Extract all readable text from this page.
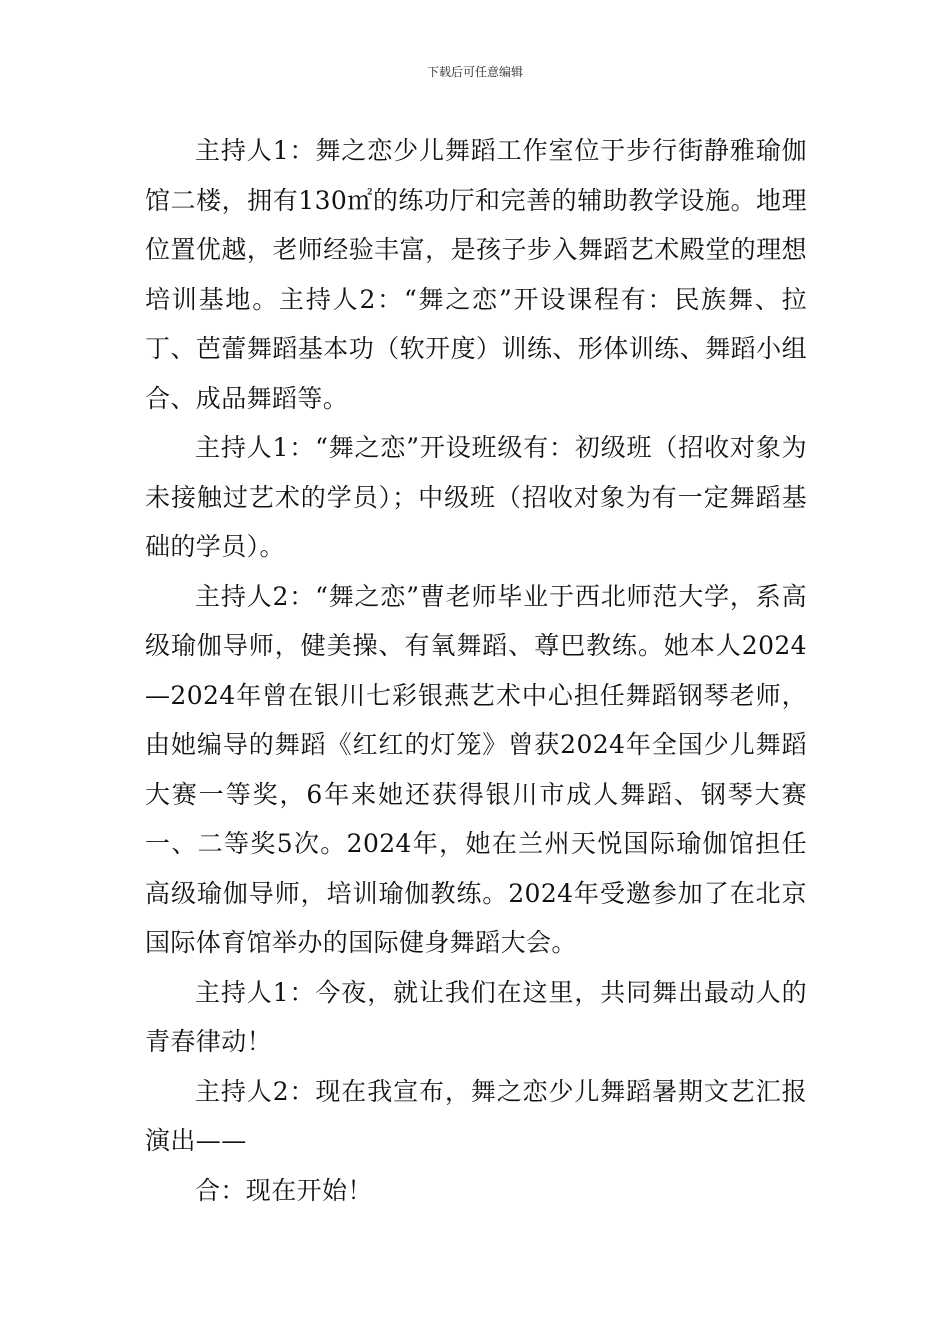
下载后可任意编辑

主持人1：舞之恋少儿舞蹈工作室位于步行街静雅瑜伽馆二楼，拥有130㎡的练功厅和完善的辅助教学设施。地理位置优越，老师经验丰富，是孩子步入舞蹈艺术殿堂的理想培训基地。主持人2：“舞之恋”开设课程有：民族舞、拉丁、芭蕾舞蹈基本功（软开度）训练、形体训练、舞蹈小组合、成品舞蹈等。

主持人1：“舞之恋”开设班级有：初级班（招收对象为未接触过艺术的学员）；中级班（招收对象为有一定舞蹈基础的学员）。

主持人2：“舞之恋”曹老师毕业于西北师范大学，系高级瑜伽导师，健美操、有氧舞蹈、尊巴教练。她本人2024—2024年曾在银川七彩银燕艺术中心担任舞蹈钢琴老师，由她编导的舞蹈《红红的灯笼》曾获2024年全国少儿舞蹈大赛一等奖，6年来她还获得银川市成人舞蹈、钢琴大赛一、二等奖5次。2024年，她在兰州天悦国际瑜伽馆担任高级瑜伽导师，培训瑜伽教练。2024年受邀参加了在北京国际体育馆举办的国际健身舞蹈大会。

主持人1：今夜，就让我们在这里，共同舞出最动人的青春律动！

主持人2：现在我宣布，舞之恋少儿舞蹈暑期文艺汇报演出——

合：现在开始！
